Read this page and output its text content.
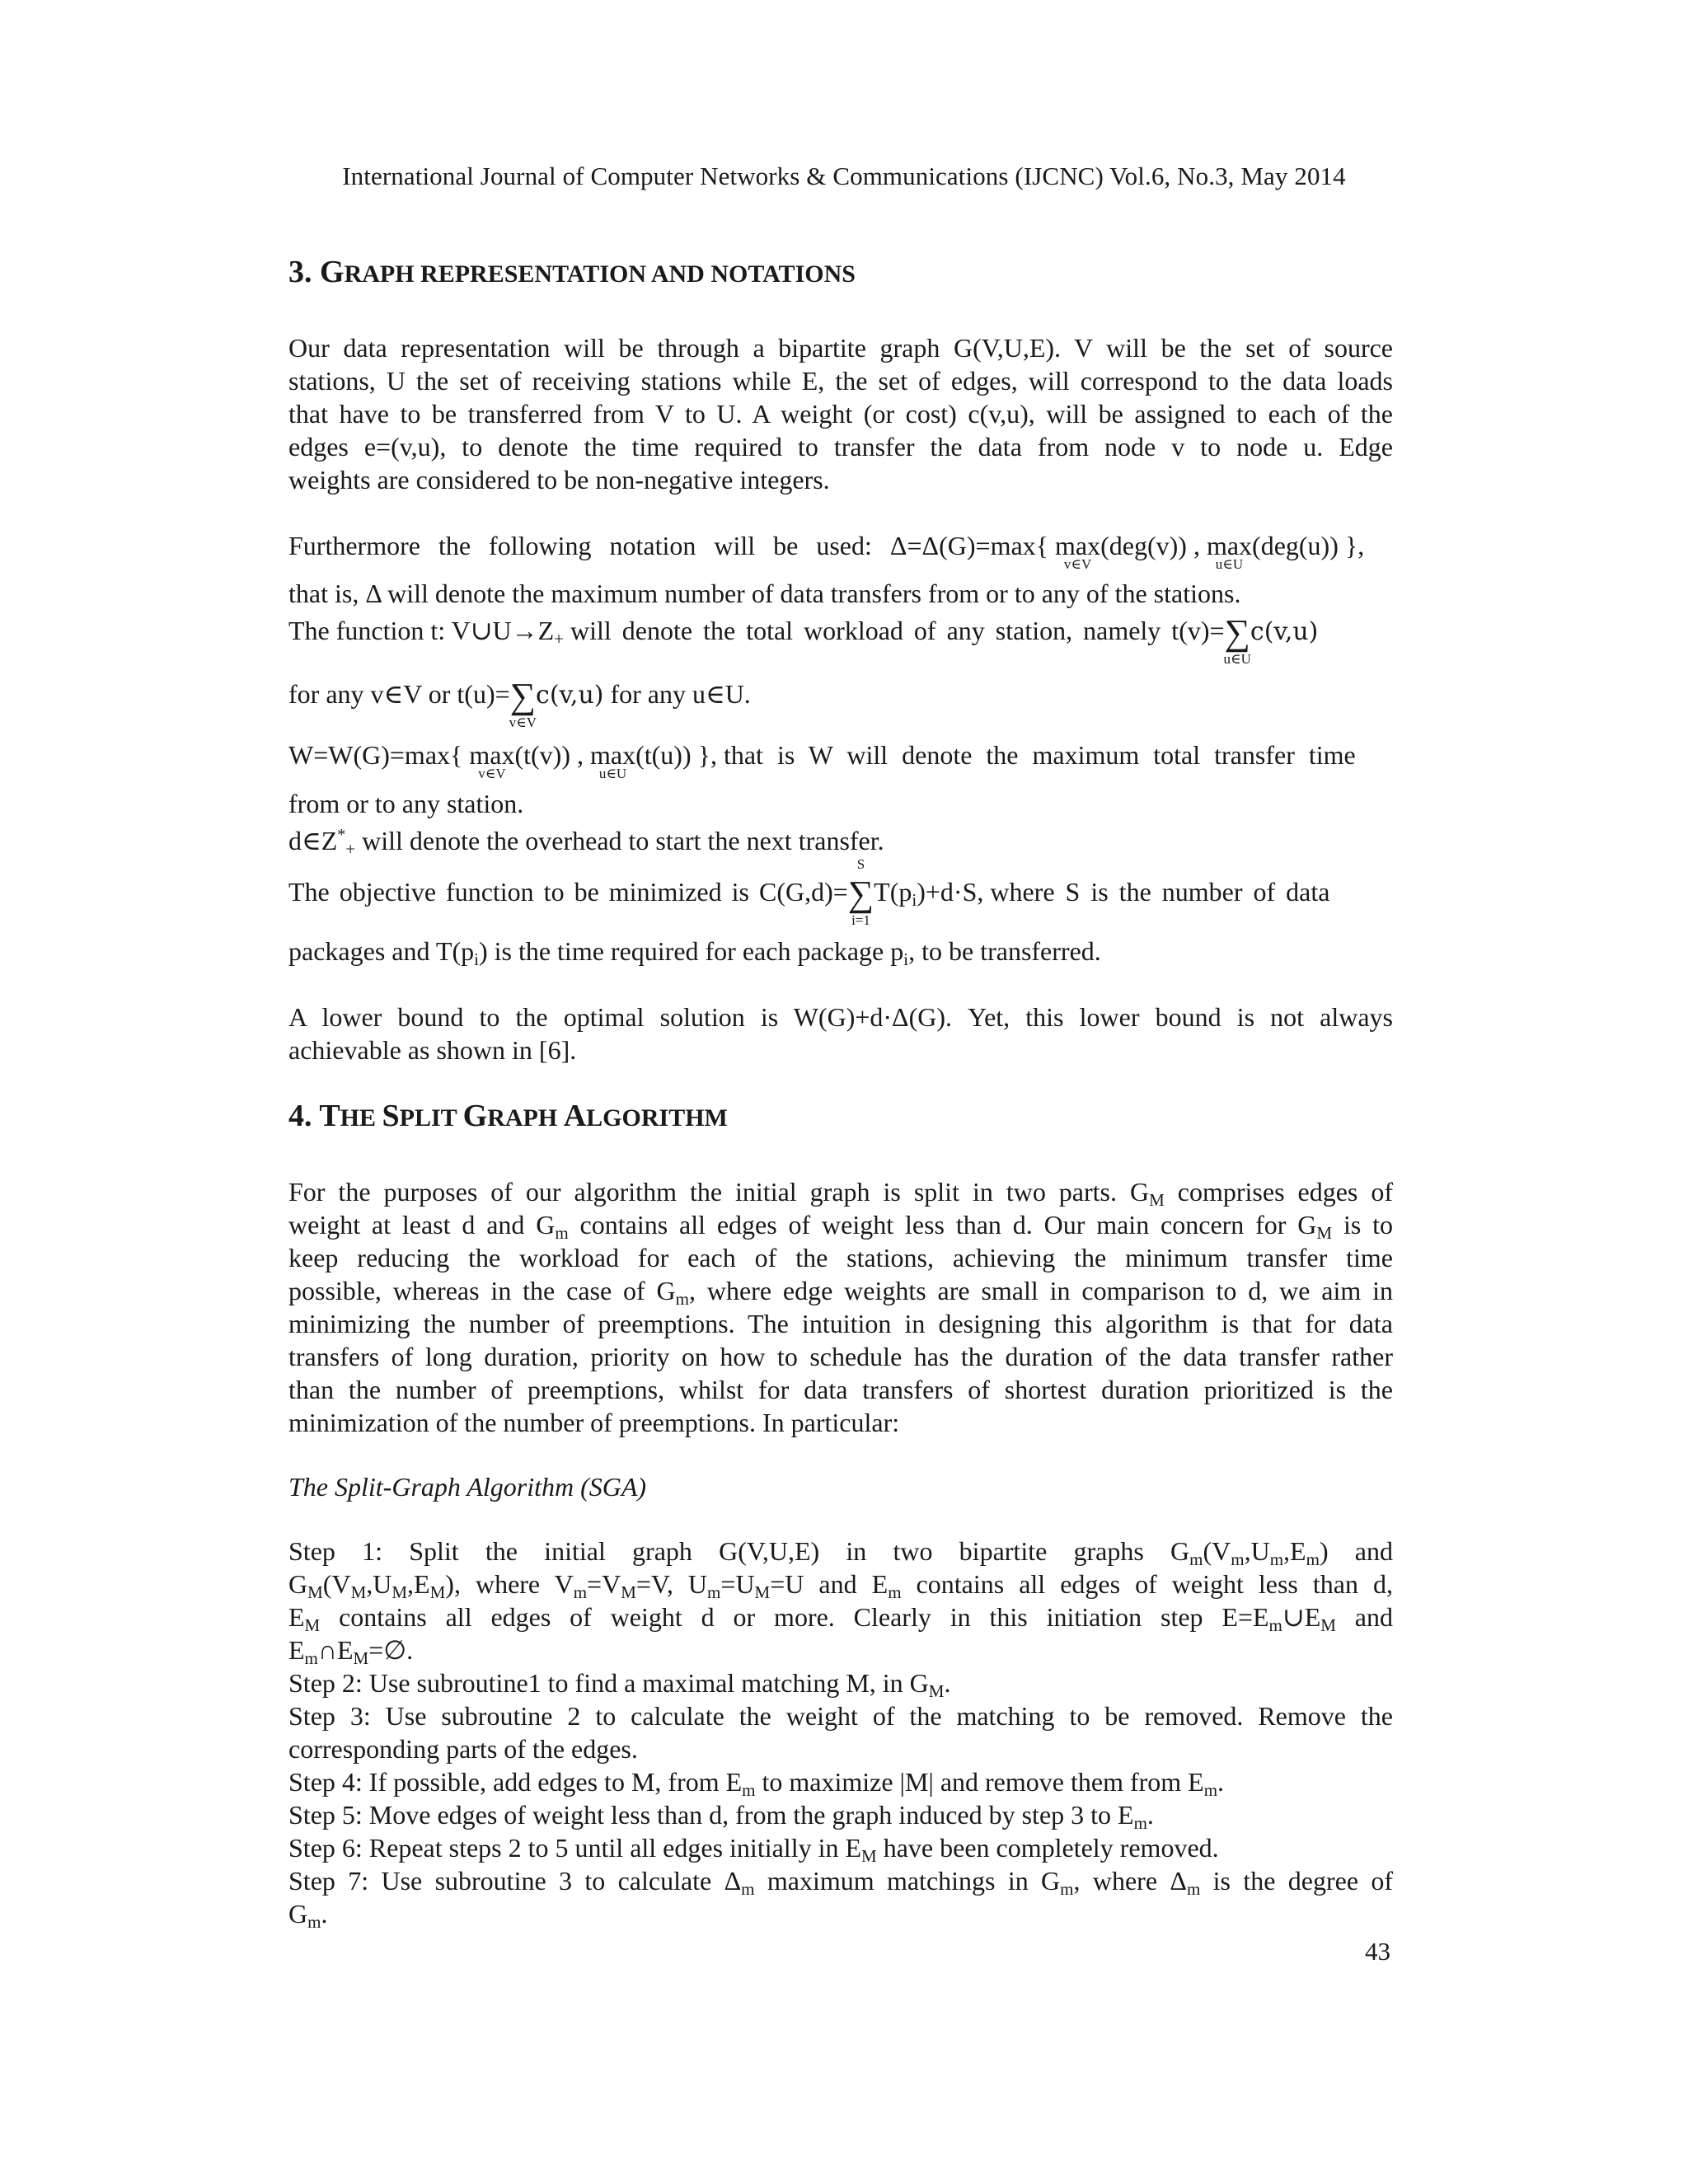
International Journal of Computer Networks & Communications (IJCNC) Vol.6, No.3, May 2014
3. GRAPH REPRESENTATION AND NOTATIONS
Our data representation will be through a bipartite graph G(V,U,E). V will be the set of source
stations, U the set of receiving stations while E, the set of edges, will correspond to the data loads
that have to be transferred from V to U. A weight (or cost) c(v,u), will be assigned to each of the
edges e=(v,u), to denote the time required to transfer the data from node v to node u. Edge
weights are considered to be non-negative integers.
Furthermore the following notation will be used: Δ=Δ(G)=max{ max
v∈V
(deg(v)) , max
u∈U
(deg(u)) },
that is, Δ will denote the maximum number of data transfers from or to any of the stations.
The function t: $V\cup U\to Z_+$ will denote the total workload of any station, namely t(v)=∑
u∈U
c(v,u)
for any v∈V or t(u)=∑
v∈V
c(v,u) for any u∈U.
W=W(G)=max{ max
v∈V
(t(v)) , max
u∈U
(t(u)) }, that is W will denote the maximum total transfer time
from or to any station.
$d\in Z^*_+$ will denote the overhead to start the next transfer.
The objective function to be minimized is C(G,d)=
S
∑
i=1
$T(p_i)+d\cdot S$, where S is the number of data
packages and $T(p_i)$ is the time required for each package $p_i$, to be transferred.
A lower bound to the optimal solution is W(G)+d·Δ(G). Yet, this lower bound is not always
achievable as shown in [6].
4. THE SPLIT GRAPH ALGORITHM
For the purposes of our algorithm the initial graph is split in two parts. $G_M$ comprises edges of
weight at least d and $G_m$ contains all edges of weight less than d. Our main concern for $G_M$ is to
keep reducing the workload for each of the stations, achieving the minimum transfer time
possible, whereas in the case of $G_m$, where edge weights are small in comparison to d, we aim in
minimizing the number of preemptions. The intuition in designing this algorithm is that for data
transfers of long duration, priority on how to schedule has the duration of the data transfer rather
than the number of preemptions, whilst for data transfers of shortest duration prioritized is the
minimization of the number of preemptions. In particular:
The Split-Graph Algorithm (SGA)
Step 1: Split the initial graph G(V,U,E) in two bipartite graphs $G_m(V_m,U_m,E_m)$ and
$G_M(V_M,U_M,E_M)$, where $V_m=V_M=V$, $U_m=U_M=U$ and $E_m$ contains all edges of weight less than d,
$E_M$ contains all edges of weight d or more. Clearly in this initiation step $E=E_m\cup E_M$ and
$E_m\cap E_M=\emptyset$.
Step 2: Use subroutine1 to find a maximal matching M, in $G_M$.
Step 3: Use subroutine 2 to calculate the weight of the matching to be removed. Remove the
corresponding parts of the edges.
Step 4: If possible, add edges to M, from $E_m$ to maximize |M| and remove them from $E_m$.
Step 5: Move edges of weight less than d, from the graph induced by step 3 to $E_m$.
Step 6: Repeat steps 2 to 5 until all edges initially in $E_M$ have been completely removed.
Step 7: Use subroutine 3 to calculate $\Delta_m$ maximum matchings in $G_m$, where $\Delta_m$ is the degree of
$G_m$.
43
